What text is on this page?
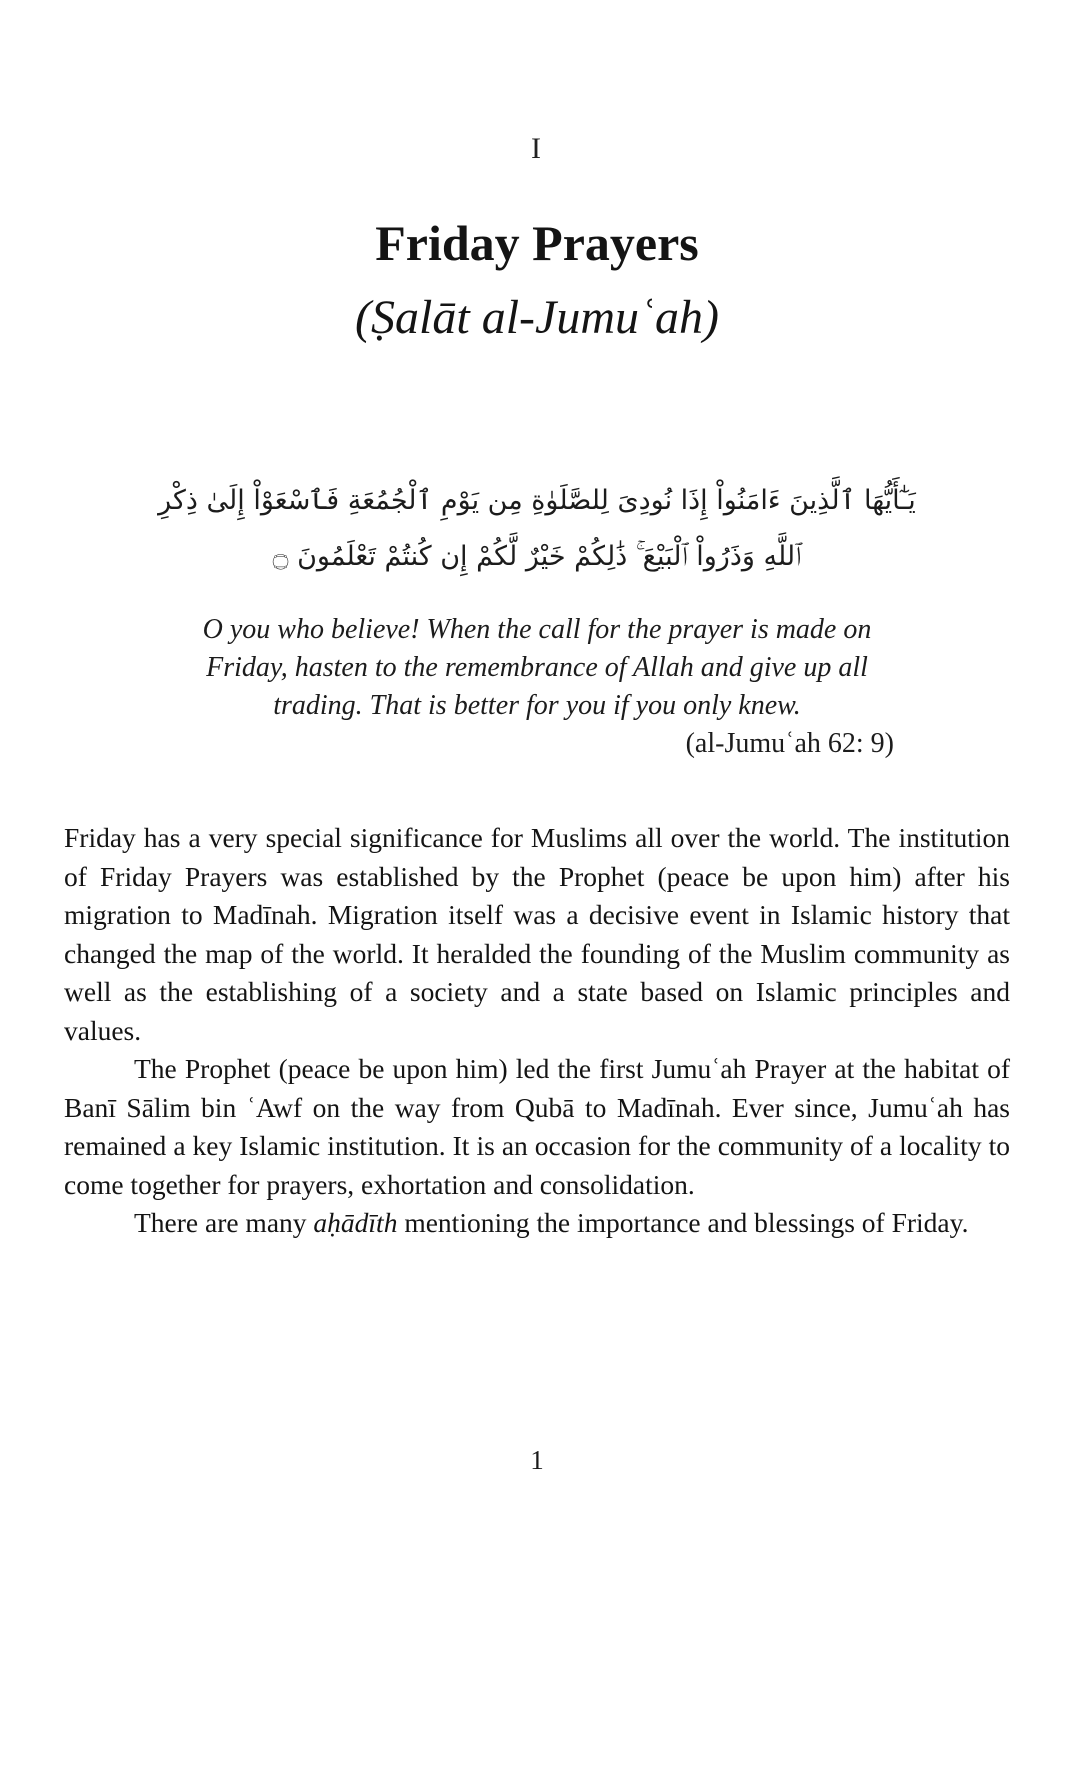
I
Friday Prayers
(Ṣalāt al-Jumuʿah)
يَـٰٓأَيُّهَا ٱلَّذِينَ ءَامَنُواْ إِذَا نُودِىَ لِلصَّلَوٰةِ مِن يَوْمِ ٱلْجُمُعَةِ فَٱسْعَوْاْ إِلَىٰ ذِكْرِ
ٱللَّهِ وَذَرُواْ ٱلْبَيْعَ ۚ ذَٰلِكُمْ خَيْرٌ لَّكُمْ إِن كُنتُمْ تَعْلَمُونَ ۝
O you who believe! When the call for the prayer is made on
Friday, hasten to the remembrance of Allah and give up all
trading. That is better for you if you only knew.
(al-Jumuʿah 62: 9)

Friday has a very special significance for Muslims all over the world. The institution of Friday Prayers was established by the Prophet (peace be upon him) after his migration to Madīnah. Migration itself was a decisive event in Islamic history that changed the map of the world. It heralded the founding of the Muslim community as well as the establishing of a society and a state based on Islamic principles and values.

The Prophet (peace be upon him) led the first Jumuʿah Prayer at the habitat of Banī Sālim bin ʿAwf on the way from Qubā to Madīnah. Ever since, Jumuʿah has remained a key Islamic institution. It is an occasion for the community of a locality to come together for prayers, exhortation and consolidation.

There are many aḥādīth mentioning the importance and blessings of Friday.

1
